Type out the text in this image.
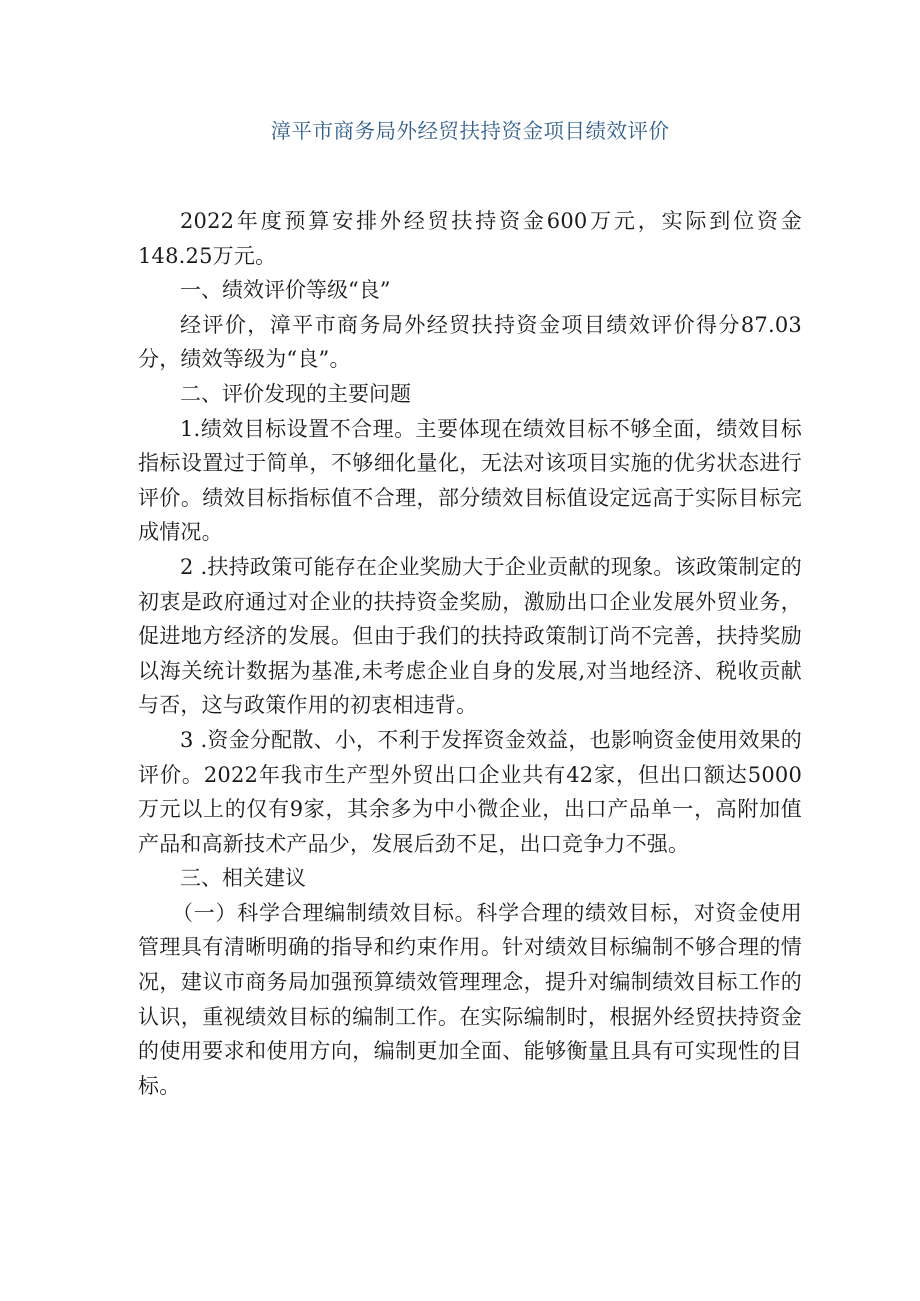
漳平市商务局外经贸扶持资金项目绩效评价

2022年度预算安排外经贸扶持资金600万元，实际到位资金148.25万元。

一、绩效评价等级“良”

经评价，漳平市商务局外经贸扶持资金项目绩效评价得分87.03分，绩效等级为“良”。

二、评价发现的主要问题

1.绩效目标设置不合理。主要体现在绩效目标不够全面，绩效目标指标设置过于简单，不够细化量化，无法对该项目实施的优劣状态进行评价。绩效目标指标值不合理，部分绩效目标值设定远高于实际目标完成情况。

2 .扶持政策可能存在企业奖励大于企业贡献的现象。该政策制定的初衷是政府通过对企业的扶持资金奖励，激励出口企业发展外贸业务，促进地方经济的发展。但由于我们的扶持政策制订尚不完善，扶持奖励以海关统计数据为基准,未考虑企业自身的发展,对当地经济、税收贡献与否，这与政策作用的初衷相违背。

3 .资金分配散、小，不利于发挥资金效益，也影响资金使用效果的评价。2022年我市生产型外贸出口企业共有42家，但出口额达5000万元以上的仅有9家，其余多为中小微企业，出口产品单一，高附加值产品和高新技术产品少，发展后劲不足，出口竞争力不强。

三、相关建议

（一）科学合理编制绩效目标。科学合理的绩效目标，对资金使用管理具有清晰明确的指导和约束作用。针对绩效目标编制不够合理的情况，建议市商务局加强预算绩效管理理念，提升对编制绩效目标工作的认识，重视绩效目标的编制工作。在实际编制时，根据外经贸扶持资金的使用要求和使用方向，编制更加全面、能够衡量且具有可实现性的目标。
